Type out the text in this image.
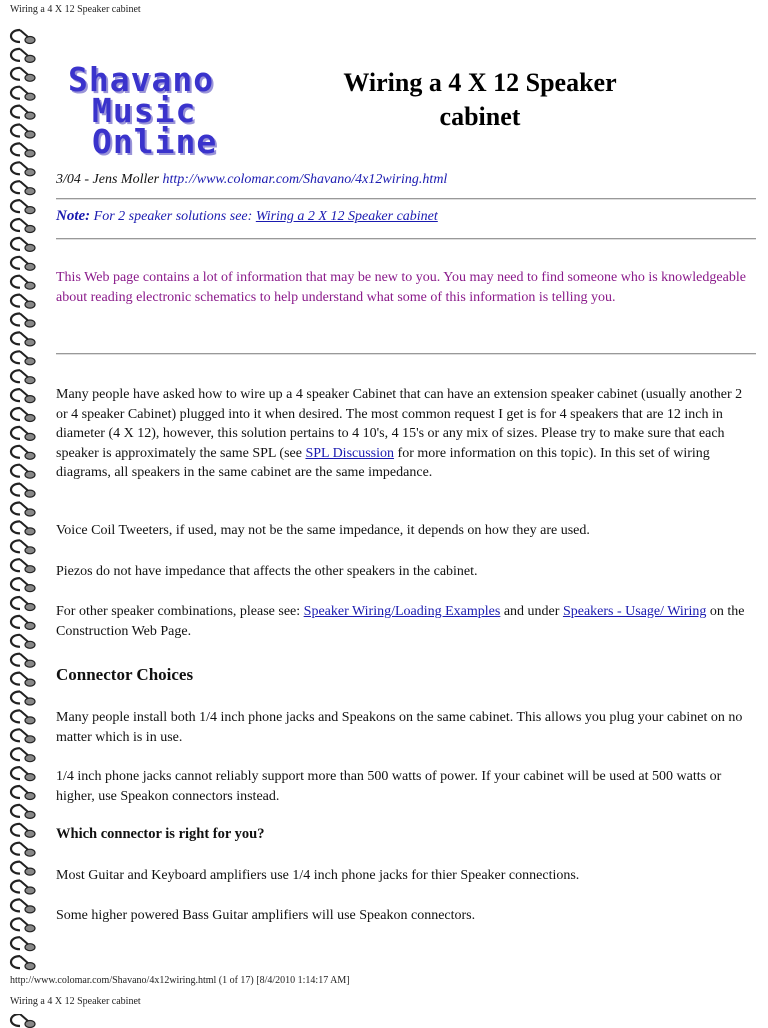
Wiring a 4 X 12 Speaker cabinet
Shavano
Music
Online
Wiring a 4 X 12 Speaker
cabinet
3/04 - Jens Moller http://www.colomar.com/Shavano/4x12wiring.html
Note: For 2 speaker solutions see: Wiring a 2 X 12 Speaker cabinet
This Web page contains a lot of information that may be new to you. You may need to find someone who is knowledgeable about reading electronic schematics to help understand what some of this information is telling you.
Many people have asked how to wire up a 4 speaker Cabinet that can have an extension speaker cabinet (usually another 2 or 4 speaker Cabinet) plugged into it when desired. The most common request I get is for 4 speakers that are 12 inch in diameter (4 X 12), however, this solution pertains to 4 10's, 4 15's or any mix of sizes. Please try to make sure that each speaker is approximately the same SPL (see SPL Discussion for more information on this topic). In this set of wiring diagrams, all speakers in the same cabinet are the same impedance.
Voice Coil Tweeters, if used, may not be the same impedance, it depends on how they are used.
Piezos do not have impedance that affects the other speakers in the cabinet.
For other speaker combinations, please see: Speaker Wiring/Loading Examples and under Speakers - Usage/ Wiring on the Construction Web Page.
Connector Choices
Many people install both 1/4 inch phone jacks and Speakons on the same cabinet. This allows you plug your cabinet on no matter which is in use.
1/4 inch phone jacks cannot reliably support more than 500 watts of power. If your cabinet will be used at 500 watts or higher, use Speakon connectors instead.
Which connector is right for you?
Most Guitar and Keyboard amplifiers use 1/4 inch phone jacks for thier Speaker connections.
Some higher powered Bass Guitar amplifiers will use Speakon connectors.
http://www.colomar.com/Shavano/4x12wiring.html (1 of 17) [8/4/2010 1:14:17 AM]
Wiring a 4 X 12 Speaker cabinet
